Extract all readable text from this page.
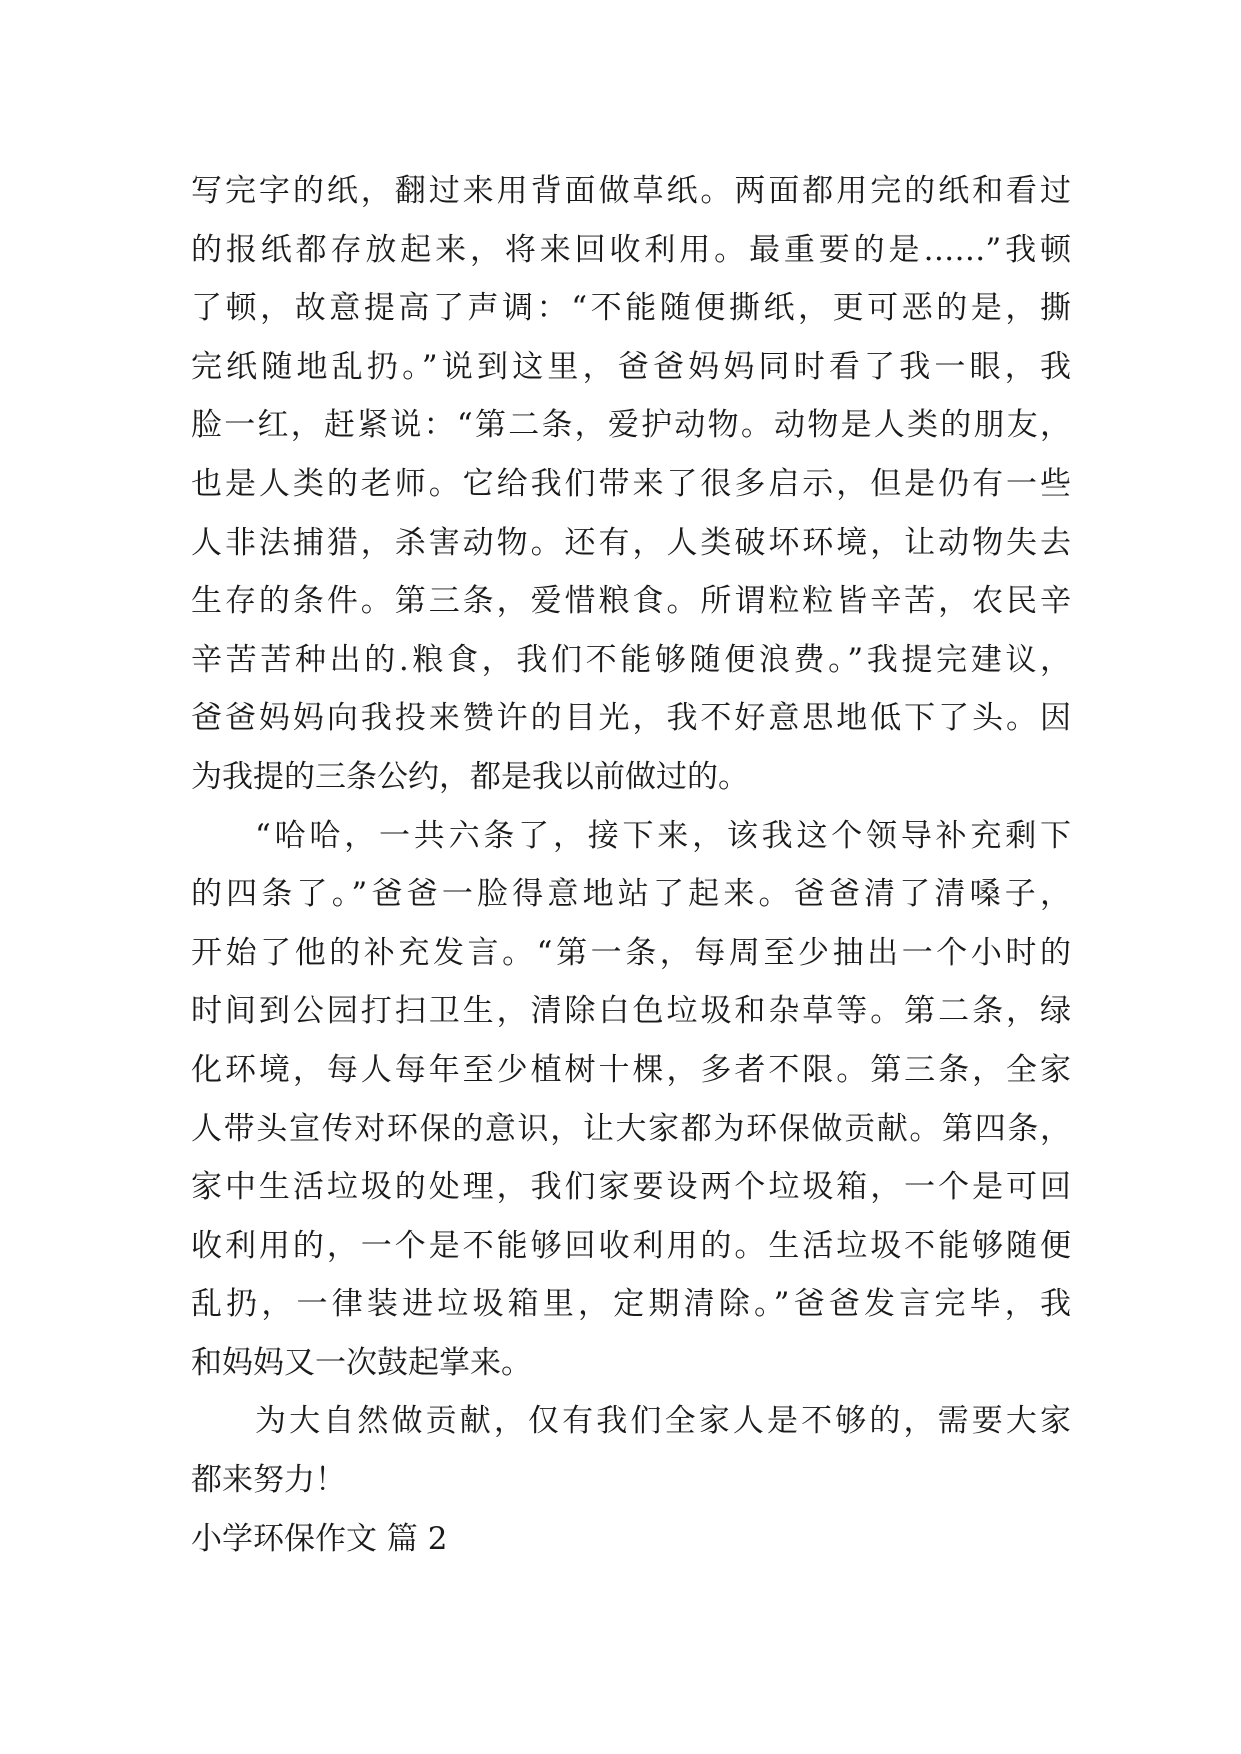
写完字的纸，翻过来用背面做草纸。两面都用完的纸和看过
的报纸都存放起来，将来回收利用。最重要的是……”我顿
了顿，故意提高了声调：“不能随便撕纸，更可恶的是，撕
完纸随地乱扔。”说到这里，爸爸妈妈同时看了我一眼，我
脸一红，赶紧说：“第二条，爱护动物。动物是人类的朋友，
也是人类的老师。它给我们带来了很多启示，但是仍有一些
人非法捕猎，杀害动物。还有，人类破坏环境，让动物失去
生存的条件。第三条，爱惜粮食。所谓粒粒皆辛苦，农民辛
辛苦苦种出的.粮食，我们不能够随便浪费。”我提完建议，
爸爸妈妈向我投来赞许的目光，我不好意思地低下了头。因
为我提的三条公约，都是我以前做过的。
“哈哈，一共六条了，接下来，该我这个领导补充剩下
的四条了。”爸爸一脸得意地站了起来。爸爸清了清嗓子，
开始了他的补充发言。“第一条，每周至少抽出一个小时的
时间到公园打扫卫生，清除白色垃圾和杂草等。第二条，绿
化环境，每人每年至少植树十棵，多者不限。第三条，全家
人带头宣传对环保的意识，让大家都为环保做贡献。第四条，
家中生活垃圾的处理，我们家要设两个垃圾箱，一个是可回
收利用的，一个是不能够回收利用的。生活垃圾不能够随便
乱扔，一律装进垃圾箱里，定期清除。”爸爸发言完毕，我
和妈妈又一次鼓起掌来。
为大自然做贡献，仅有我们全家人是不够的，需要大家
都来努力！
小学环保作文 篇 2
